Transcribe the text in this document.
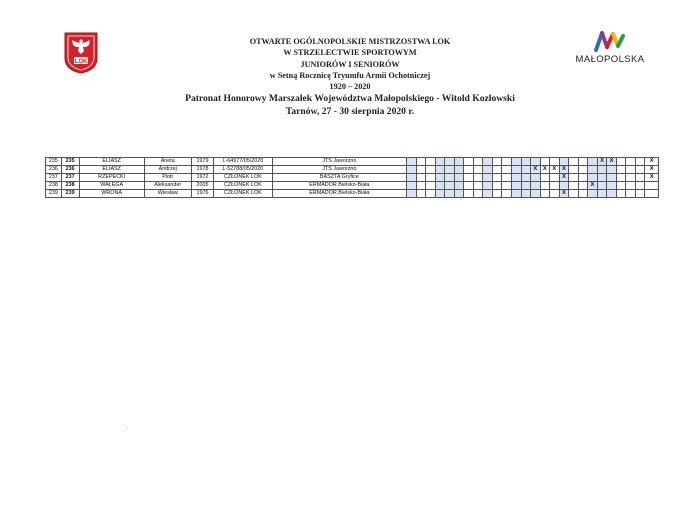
LOK	MAŁOPOLSKA
OTWARTE OGÓLNOPOLSKIE MISTRZOSTWA LOK
W STRZELECTWIE SPORTOWYM
JUNIORÓW I SENIORÓW
w Setną Rocznicę Tryumfu Armii Ochotniczej
1920 – 2020
Patronat Honorowy Marszałek Województwa Małopolskiego - Witold Kozłowski
Tarnów, 27 - 30 sierpnia 2020 r.
235	235	ELIASZ	Aneta	1979	L-64977/05/2020	JTS Jaworzno																					X	X				X
236	236	ELIASZ	Andrzej	1978	L-52788/05/2020	JTS Jaworzno														X	X	X	X									X
237	237	RZEPECKI	Piotr	1972	CZŁONEK LOK	BASZTA Gryfice																	X									X
238	238	WAŁEGA	Aleksander	2005	CZŁONEK LOK	ERMADOR Bielsko-Biała																				X						
239	239	WRONA	Wiesław	1976	CZŁONEK LOK	ERMADOR Bielsko-Biała																	X									
'
